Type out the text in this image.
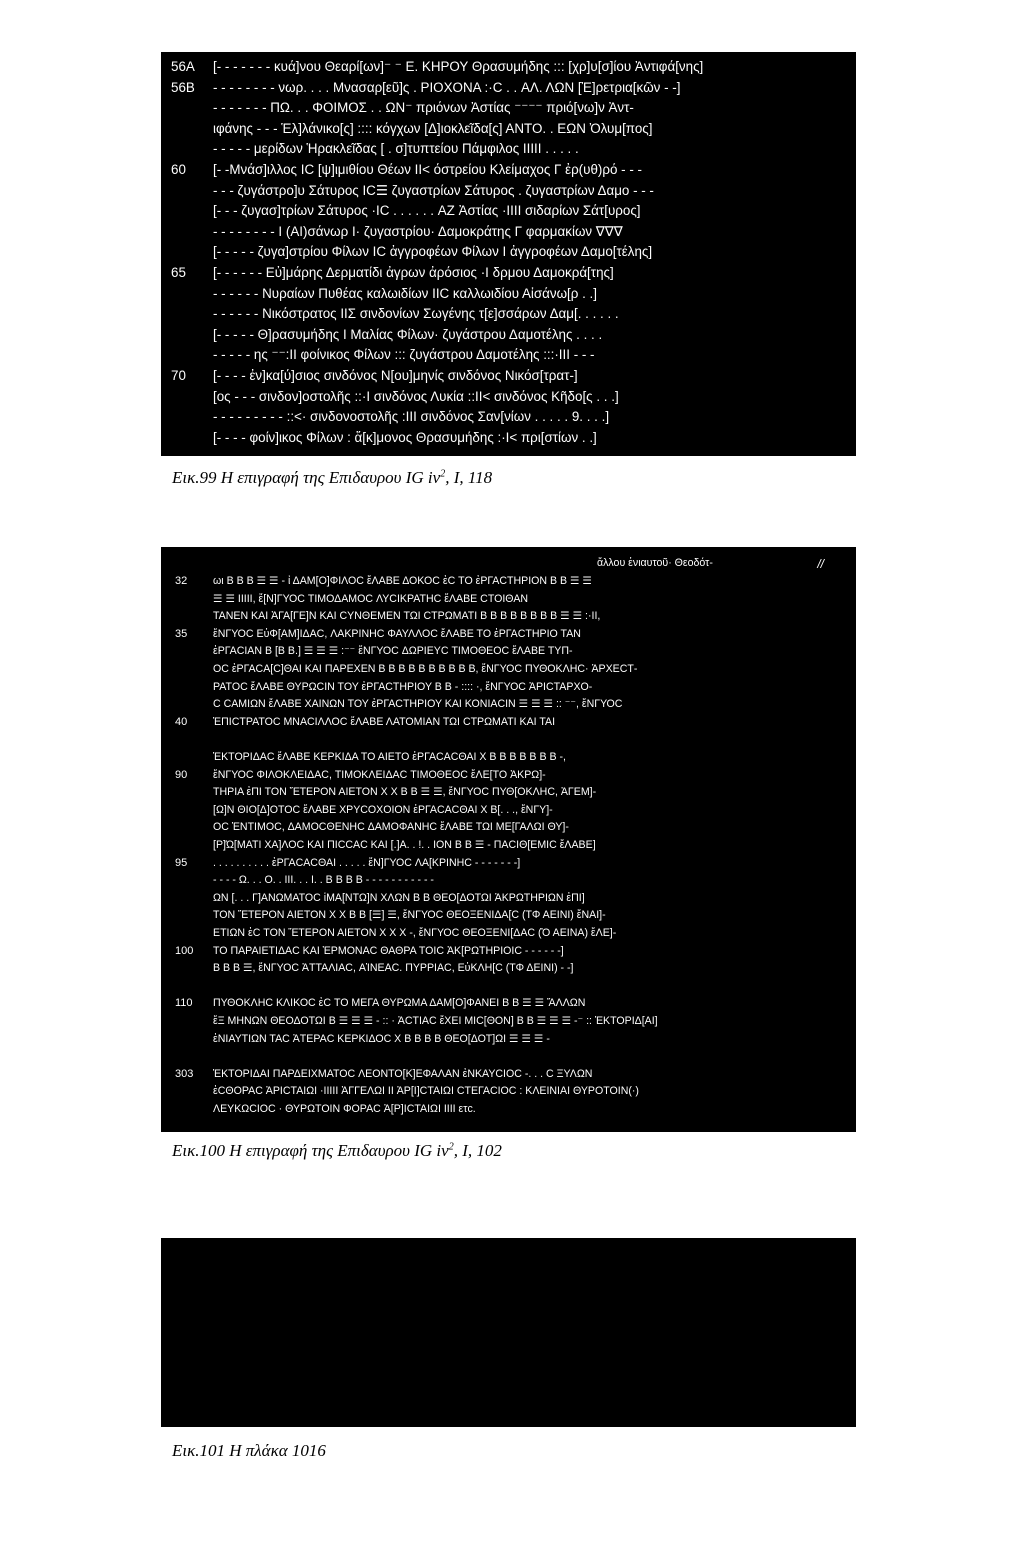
56A	[- - - - - - - κυά]νου Θεαρί[ων]⁻ ⁻ Ε. ΚΗΡΟΥ Θρασυμήδης ::: [χρ]υ[σ]ίου Ἀντιφά[νης]
56B	- - - - - - - - νωρ. . . . Μνασαρ[εῦ]ς . ΡΙΟΧΟΝΑ :·C . . ΑΛ. ΛΩΝ [Ἐ]ρετρια[κῶν - -]
- - - - - - - ΠΩ. . . ΦΟΙΜΟΣ . . ΩΝ⁻ πριόνων Ἀστίας ⁻⁻⁻⁻ πριό[νω]ν Ἀντ-
ιφάνης - - - Ἑλ]λάνικο[ς] :::: κόγχων [Δ]ιοκλεῖδα[ς] ΑΝΤΟ. . ΕΩΝ Ὀλυμ[πος]
- - - - - μερίδων Ἡρακλεῖδας [ . σ]τυπτείου Πάμφιλος ΙΙΙΙΙ . . . . .
60	[- -Μνάσ]ιλλος ΙC [ψ]ιμιθίου Θέων ΙΙ< όστρείου Κλείμαχος Γ ἐρ(υθ)ρό - - -
- - - ζυγάστρο]υ Σάτυρος ΙC☰ ζυγαστρίων Σάτυρος . ζυγαστρίων Δαμο - - -
[- - - ζυγασ]τρίων Σάτυρος ·ΙC . . . . . . ΑΖ Ἀστίας ·ΙΙΙΙ σιδαρίων Σάτ[υρος]
- - - - - - - - Ι (ΑΙ)σάνωρ Ι· ζυγαστρίου· Δαμοκράτης Γ φαρμακίων ∇∇∇
[- - - - - ζυγα]στρίου Φίλων ΙC ἀγγροφέων Φίλων Ι ἀγγροφέων Δαμο[τέλης]
65	[- - - - - - Εὐ]μάρης Δερματίδι ἀγρων ἀρόσιος ·Ι δρμου Δαμοκρά[της]
- - - - - - Νυραίων Πυθέας καλωιδίων ΙΙC καλλωιδίου Αἰσάνω[ρ . .]
- - - - - - Νικόστρατος ΙΙΣ σινδονίων Σωγένης τ[ε]σσάρων Δαμ[. . . . . .
[- - - - - Θ]ρασυμήδης Ι Μαλίας Φίλων· ζυγάστρου Δαμοτέλης . . . .
- - - - - ης ⁻⁻:ΙΙ φοίνικος Φίλων ::: ζυγάστρου Δαμοτέλης :::·ΙΙΙ - - -
70	[- - - - ἐν]κα[ύ]σιος σινδόνος Ν[ου]μηνίς σινδόνος Νικόσ[τρατ-]
[ος - - - σινδον]οστολῆς ::·Ι σινδόνος Λυκία ::ΙΙ< σινδόνος Κῆδο[ς . . .]
- - - - - - - - - ::<· σινδονοστολῆς :ΙΙΙ σινδόνος Σαν[νίων . . . . . 9. . . .]
[- - - - φοίν]ικος Φίλων : ἅ[κ]μονος Θρασυμήδης :·Ι< πρι[στίων . .]
Εικ.99 Η επιγραφή της Επιδαυρου IG $iv^2$, I, 118
ἄλλου ἐνιαυτοῦ· Θεοδότ-	//
32	ωι Β Β Β ☰ ☰ - ἰ ΔΑΜ[Ο]ΦΙΛΟC ἔΛΑΒΕ ΔΟΚΟC ἐC ΤΟ ἐΡΓΑCΤΗΡΙΟΝ Β Β ☰ ☰
☰ ☰ ΙΙΙΙΙ, ἔ[Ν]ΓΥΟC ΤΙΜΟΔΑΜΟC ΛΥCΙΚΡΑΤΗC ἔΛΑΒΕ CΤΟΙΘΑΝ
ΤΑΝΕΝ ΚΑΙ ἈΓΑ[ΓΕ]Ν ΚΑΙ CΥΝΘΕΜΕΝ ΤΩΙ CΤΡΩΜΑΤΙ Β Β Β Β Β Β Β Β ☰ ☰ :·ΙΙ,
35	ἔΝΓΥΟC ΕὐΦ[ΑΜ]ΙΔΑC, ΛΑΚΡΙΝΗC ΦΑΥΛΛΟC ἔΛΑΒΕ ΤΟ ἐΡΓΑCΤΗΡΙΟ ΤΑΝ
ἐΡΓΑCΙΑΝ Β [Β Β.] ☰ ☰ ☰ :⁻⁻ ἔΝΓΥΟC ΔΩΡΙΕΥC ΤΙΜΟΘΕΟC ἔΛΑΒΕ ΤΥΠ-
ΟC ἐΡΓΑCΑ[C]ΘΑΙ ΚΑΙ ΠΑΡΕΧΕΝ Β Β Β Β Β Β Β Β Β Β, ἔΝΓΥΟC ΠΥΘΟΚΛΗC· ἈΡΧΕCΤ-
ΡΑΤΟC ἔΛΑΒΕ ΘΥΡΩCΙΝ ΤΟΥ ἐΡΓΑCΤΗΡΙΟΥ Β Β - :::: ·, ἔΝΓΥΟC ἈΡΙCΤΑΡΧΟ-
C CΑΜΙΩΝ ἔΛΑΒΕ ΧΑΙΝΩΝ ΤΟΥ ἐΡΓΑCΤΗΡΙΟΥ ΚΑΙ ΚΟΝΙΑCΙΝ ☰ ☰ ☰ :: ⁻⁻, ἔΝΓΥΟC
40	ἘΠΙCΤΡΑΤΟC ΜΝΑCΙΛΛΟC ἔΛΑΒΕ ΛΑΤΟΜΙΑΝ ΤΩΙ CΤΡΩΜΑΤΙ ΚΑΙ ΤΑΙ
ἙΚΤΟΡΙΔΑC ἔΛΑΒΕ ΚΕΡΚΙΔΑ ΤΟ ΑΙΕΤΟ ἐΡΓΑCΑCΘΑΙ Χ Β Β Β Β Β Β Β -,
90	ἔΝΓΥΟC ΦΙΛΟΚΛΕΙΔΑC, ΤΙΜΟΚΛΕΙΔΑC ΤΙΜΟΘΕΟC ἔΛΕ[ΤΟ ἈΚΡΩ]-
ΤΗΡΙΑ ἐΠΙ ΤΟΝ ἝΤΕΡΟΝ ΑΙΕΤΟΝ Χ Χ Β Β ☰ ☰, ἔΝΓΥΟC ΠΥΘ[ΟΚΛΗC, ἈΓΕΜ]-
[Ω]Ν ΘΙΟ[Δ]ΟΤΟC ἔΛΑΒΕ ΧΡΥCΟΧΟΙΟΝ ἐΡΓΑCΑCΘΑΙ Χ Β[. . ., ἔΝΓΥ]-
ΟC ἘΝΤΙΜΟC, ΔΑΜΟCΘΕΝΗC ΔΑΜΟΦΑΝΗC ἔΛΑΒΕ ΤΩΙ ΜΕ[ΓΑΛΩΙ ΘΥ]-
[Ρ]Ώ[ΜΑΤΙ ΧΑ]ΛΟC ΚΑΙ ΠΙCCΑC ΚΑΙ [.]Α. . !. . ΙΟΝ Β Β ☰ - ΠΑCΙΘ[ΕΜΙC ἔΛΑΒΕ]
95	. . . . . . . . . . ἐΡΓΑCΑCΘΑΙ . . . . . ἔΝ]ΓΥΟC ΛΑ[ΚΡΙΝΗC - - - - - - -]
- - - - Ω. . . Ο. . ΙΙΙ. . . Ι. . Β Β Β Β - - - - - - - - - - -
ΩΝ [. . . Γ]ΑΝΩΜΑΤΟC ἱΜΑ[ΝΤΩ]Ν ΧΛΩΝ Β Β ΘΕΟ[ΔΟΤΩΙ ἈΚΡΩΤΗΡΙΩΝ ἐΠΙ]
ΤΟΝ ἝΤΕΡΟΝ ΑΙΕΤΟΝ Χ Χ Β Β [☰] ☰, ἔΝΓΥΟC ΘΕΟΞΕΝΙΔΑ[C (ΤΦ ΑΕΙΝΙ) ἔΝΑΙ]-
ΕΤΙΩΝ ἐC ΤΟΝ ἝΤΕΡΟΝ ΑΙΕΤΟΝ Χ Χ Χ -, ἔΝΓΥΟC ΘΕΟΞΕΝΙ[ΔΑC (Ὁ ΑΕΙΝΑ) ἔΛΕ]-
100	ΤΟ ΠΑΡΑΙΕΤΙΔΑC ΚΑΙ ἙΡΜΟΝΑC ΘΑΘΡΑ ΤΟΙC ἈΚ[ΡΩΤΗΡΙΟΙC - - - - - -]
Β Β Β ☰, ἔΝΓΥΟC ἈΤΤΑΛΙΑC, ΑἸΝΕΑC. ΠΥΡΡΙΑC, ΕὐΚΛΗ[C (ΤΦ ΔΕΙΝΙ) - -]
110	ΠΥΘΟΚΛΗC ΚΛΙΚΟC ἐC ΤΟ ΜΕΓΑ ΘΥΡΩΜΑ ΔΑΜ[Ο]ΦΑΝΕΙ Β Β ☰ ☰ ἌΛΛΩΝ
ἕΞ ΜΗΝΩΝ ΘΕΟΔΟΤΩΙ Β ☰ ☰ ☰ - :: · ἈCΤΙΑC ἔΧΕΙ ΜΙC[ΘΟΝ] Β Β ☰ ☰ ☰ -⁻ :: ἙΚΤΟΡΙΔ[ΑΙ]
ἐΝΙΑΥΤΙΩΝ ΤΑC ἈΤΕΡΑC ΚΕΡΚΙΔΟC Χ Β Β Β Β ΘΕΟ[ΔΟΤ]ΩΙ ☰ ☰ ☰ -
303	ἙΚΤΟΡΙΔΑΙ ΠΑΡΔΕΙΧΜΑΤΟC ΛΕΟΝΤΟ[Κ]ΕΦΑΛΑΝ ἐΝΚΑΥCΙΟC -. . . C ΞΥΛΩΝ
ἐCΘΟΡΑC ἈΡΙCΤΑΙΩΙ ·ΙΙΙΙΙ ἈΓΓΕΛΩΙ ΙΙ ἈΡ[Ι]CΤΑΙΩΙ CΤΕΓΑCΙΟC : ΚΛΕΙΝΙΑΙ ΘΥΡΟΤΟΙΝ(·)
ΛΕΥΚΩCΙΟC · ΘΥΡΩΤΟΙΝ ΦΟΡΑC Ἀ[Ρ]ΙCΤΑΙΩΙ ΙΙΙΙ ετc.
Εικ.100 Η επιγραφή της Επιδαυρου IG $iv^2$, I, 102
Εικ.101 Η πλάκα 1016
